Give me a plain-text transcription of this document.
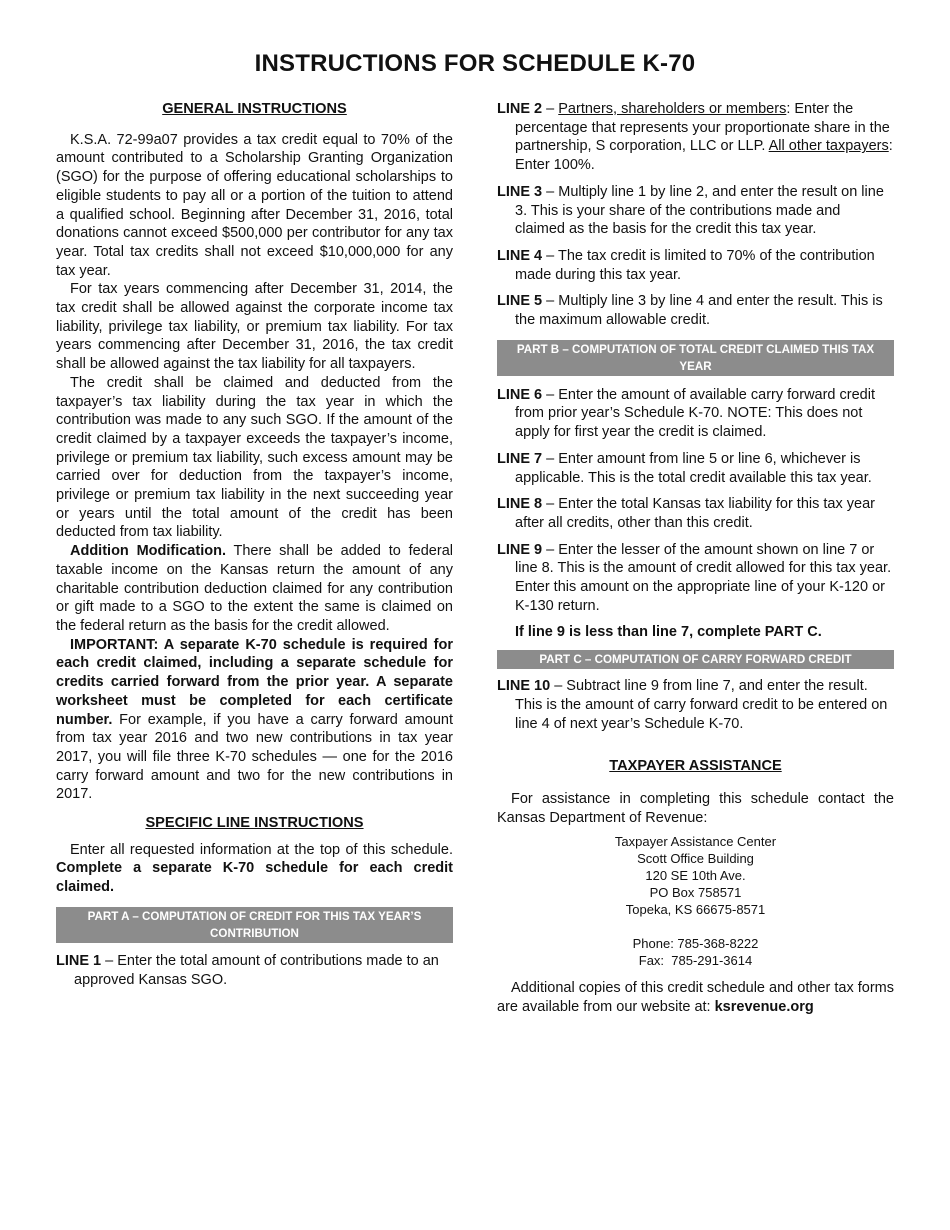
INSTRUCTIONS FOR SCHEDULE K-70

GENERAL INSTRUCTIONS

K.S.A. 72-99a07 provides a tax credit equal to 70% of the amount contributed to a Scholarship Granting Organization (SGO) for the purpose of offering educational scholarships to eligible students to pay all or a portion of the tuition to attend a qualified school. Beginning after December 31, 2016, total donations cannot exceed $500,000 per contributor for any tax year. Total tax credits shall not exceed $10,000,000 for any tax year.

For tax years commencing after December 31, 2014, the tax credit shall be allowed against the corporate income tax liability, privilege tax liability, or premium tax liability. For tax years commencing after December 31, 2016, the tax credit shall be allowed against the tax liability for all taxpayers.

The credit shall be claimed and deducted from the taxpayer’s tax liability during the tax year in which the contribution was made to any such SGO. If the amount of the credit claimed by a taxpayer exceeds the taxpayer’s income, privilege or premium tax liability, such excess amount may be carried over for deduction from the taxpayer’s income, privilege or premium tax liability in the next succeeding year or years until the total amount of the credit has been deducted from tax liability.

Addition Modification. There shall be added to federal taxable income on the Kansas return the amount of any charitable contribution deduction claimed for any contribution or gift made to a SGO to the extent the same is claimed on the federal return as the basis for the credit allowed.

IMPORTANT: A separate K-70 schedule is required for each credit claimed, including a separate schedule for credits carried forward from the prior year. A separate worksheet must be completed for each certificate number. For example, if you have a carry forward amount from tax year 2016 and two new contributions in tax year 2017, you will file three K-70 schedules — one for the 2016 carry forward amount and two for the new contributions in 2017.

SPECIFIC LINE INSTRUCTIONS

Enter all requested information at the top of this schedule. Complete a separate K-70 schedule for each credit claimed.

PART A – COMPUTATION OF CREDIT FOR THIS TAX YEAR’S CONTRIBUTION

LINE 1 – Enter the total amount of contributions made to an approved Kansas SGO.

LINE 2 – Partners, shareholders or members: Enter the percentage that represents your proportionate share in the partnership, S corporation, LLC or LLP. All other taxpayers: Enter 100%.

LINE 3 – Multiply line 1 by line 2, and enter the result on line 3. This is your share of the contributions made and claimed as the basis for the credit this tax year.

LINE 4 – The tax credit is limited to 70% of the contribution made during this tax year.

LINE 5 – Multiply line 3 by line 4 and enter the result. This is the maximum allowable credit.

PART B – COMPUTATION OF TOTAL CREDIT CLAIMED THIS TAX YEAR

LINE 6 – Enter the amount of available carry forward credit from prior year’s Schedule K-70. NOTE: This does not apply for first year the credit is claimed.

LINE 7 – Enter amount from line 5 or line 6, whichever is applicable. This is the total credit available this tax year.

LINE 8 – Enter the total Kansas tax liability for this tax year after all credits, other than this credit.

LINE 9 – Enter the lesser of the amount shown on line 7 or line 8. This is the amount of credit allowed for this tax year. Enter this amount on the appropriate line of your K-120 or K-130 return.

If line 9 is less than line 7, complete PART C.

PART C – COMPUTATION OF CARRY FORWARD CREDIT

LINE 10 – Subtract line 9 from line 7, and enter the result. This is the amount of carry forward credit to be entered on line 4 of next year’s Schedule K-70.

TAXPAYER ASSISTANCE

For assistance in completing this schedule contact the Kansas Department of Revenue:

Taxpayer Assistance Center
Scott Office Building
120 SE 10th Ave.
PO Box 758571
Topeka, KS 66675-8571
Phone: 785-368-8222
Fax:  785-291-3614

Additional copies of this credit schedule and other tax forms are available from our website at: ksrevenue.org
